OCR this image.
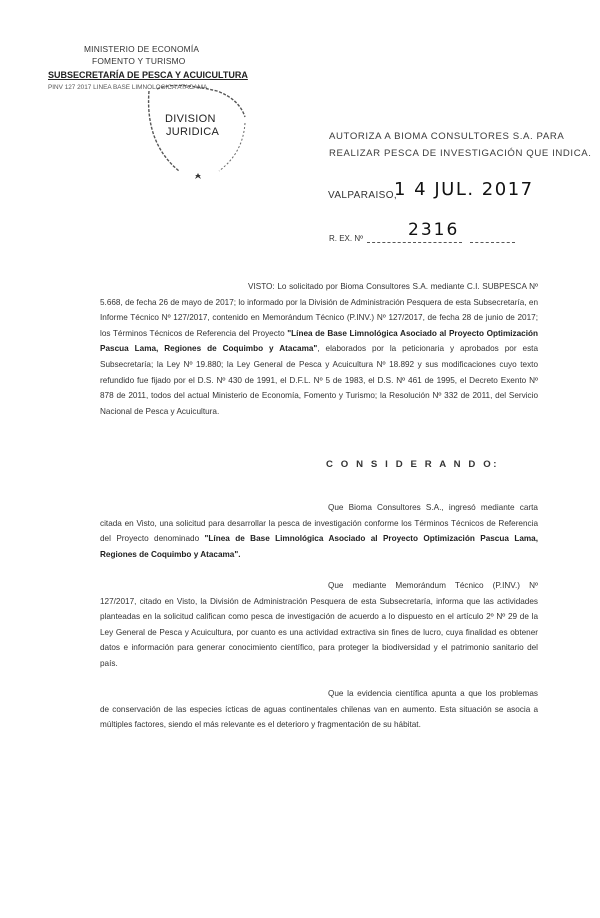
MINISTERIO DE ECONOMÍA
FOMENTO Y TURISMO
SUBSECRETARÍA DE PESCA Y ACUICULTURA
PINV 127 2017 LINEA BASE LIMNOLOGICA ATACAMA
DIVISION
JURIDICA	AUTORIZA A BIOMA CONSULTORES S.A. PARA
REALIZAR PESCA DE INVESTIGACIÓN QUE INDICA.
VALPARAISO,
1 4 JUL. 2017
R. EX. Nº	2316
VISTO: Lo solicitado por Bioma Consultores S.A. mediante C.I. SUBPESCA Nº 5.668, de fecha 26 de mayo de 2017; lo informado por la División de Administración Pesquera de esta Subsecretaría, en Informe Técnico Nº 127/2017, contenido en Memorándum Técnico (P.INV.) Nº 127/2017, de fecha 28 de junio de 2017; los Términos Técnicos de Referencia del Proyecto "Línea de Base Limnológica Asociado al Proyecto Optimización Pascua Lama, Regiones de Coquimbo y Atacama", elaborados por la peticionaria y aprobados por esta Subsecretaría; la Ley Nº 19.880; la Ley General de Pesca y Acuicultura Nº 18.892 y sus modificaciones cuyo texto refundido fue fijado por el D.S. Nº 430 de 1991, el D.F.L. Nº 5 de 1983, el D.S. Nº 461 de 1995, el Decreto Exento Nº 878 de 2011, todos del actual Ministerio de Economía, Fomento y Turismo; la Resolución Nº 332 de 2011, del Servicio Nacional de Pesca y Acuicultura.
C O N S I D E R A N D O:
Que Bioma Consultores S.A., ingresó mediante carta citada en Visto, una solicitud para desarrollar la pesca de investigación conforme los Términos Técnicos de Referencia del Proyecto denominado "Línea de Base Limnológica Asociado al Proyecto Optimización Pascua Lama, Regiones de Coquimbo y Atacama".
Que mediante Memorándum Técnico (P.INV.) Nº 127/2017, citado en Visto, la División de Administración Pesquera de esta Subsecretaría, informa que las actividades planteadas en la solicitud califican como pesca de investigación de acuerdo a lo dispuesto en el artículo 2º Nº 29 de la Ley General de Pesca y Acuicultura, por cuanto es una actividad extractiva sin fines de lucro, cuya finalidad es obtener datos e información para generar conocimiento científico, para proteger la biodiversidad y el patrimonio sanitario del país.
Que la evidencia científica apunta a que los problemas de conservación de las especies ícticas de aguas continentales chilenas van en aumento. Esta situación se asocia a múltiples factores, siendo el más relevante es el deterioro y fragmentación de su hábitat.
